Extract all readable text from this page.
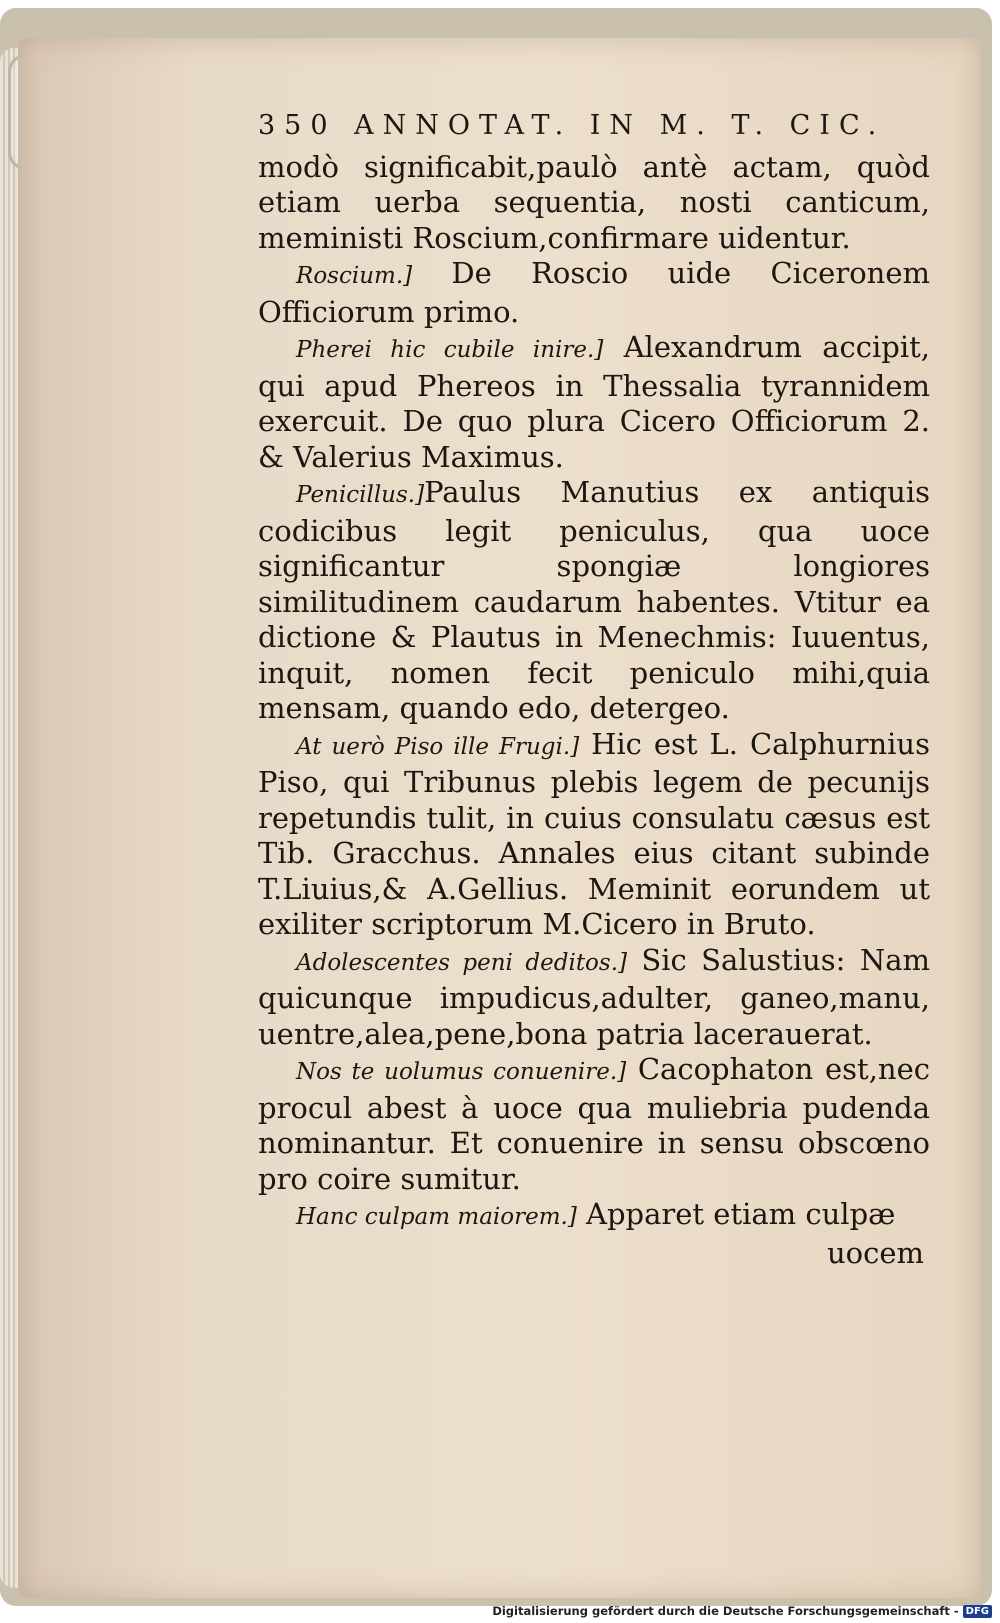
350 ANNOTAT. IN M. T. CIC.

modò significabit,paulò antè actam, quòd etiam uerba sequentia, nosti canticum, meministi Roscium,confirmare uidentur.

Roscium.] De Roscio uide Ciceronem Officiorum primo.

Pherei hic cubile inire.] Alexandrum accipit, qui apud Phereos in Thessalia tyrannidem exercuit. De quo plura Cicero Officiorum 2. & Valerius Maximus.

Penicillus.]Paulus Manutius ex antiquis codicibus legit peniculus, qua uoce significantur spongiæ longiores similitudinem caudarum habentes. Vtitur ea dictione & Plautus in Menechmis: Iuuentus, inquit, nomen fecit peniculo mihi,quia mensam, quando edo, detergeo.

At uerò Piso ille Frugi.] Hic est L. Calphurnius Piso, qui Tribunus plebis legem de pecunijs repetundis tulit, in cuius consulatu cæsus est Tib. Gracchus. Annales eius citant subinde T.Liuius,& A.Gellius. Meminit eorundem ut exiliter scriptorum M.Cicero in Bruto.

Adolescentes peni deditos.] Sic Salustius: Nam quicunque impudicus,adulter, ganeo,manu, uentre,alea,pene,bona patria lacerauerat.

Nos te uolumus conuenire.] Cacophaton est,nec procul abest à uoce qua muliebria pudenda nominantur. Et conuenire in sensu obscœno pro coire sumitur.

Hanc culpam maiorem.] Apparet etiam culpæ

uocem

Digitalisierung gefördert durch die Deutsche Forschungsgemeinschaft - DFG
